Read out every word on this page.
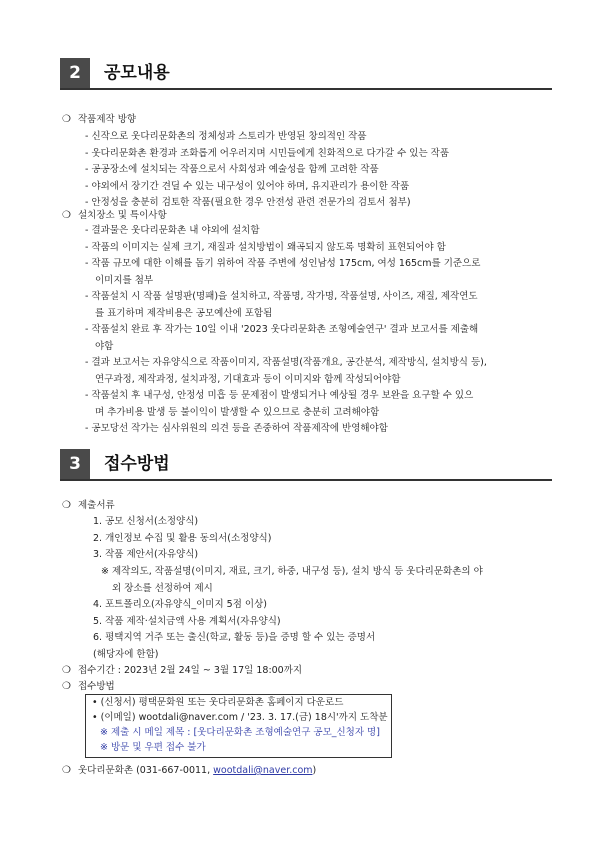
2	공모내용
❍ 작품제작 방향
- 신작으로 웃다리문화촌의 정체성과 스토리가 반영된 창의적인 작품
- 웃다리문화촌 환경과 조화롭게 어우러지며 시민들에게 친화적으로 다가갈 수 있는 작품
- 공공장소에 설치되는 작품으로서 사회성과 예술성을 함께 고려한 작품
- 야외에서 장기간 견딜 수 있는 내구성이 있어야 하며, 유지관리가 용이한 작품
- 안정성을 충분히 검토한 작품(필요한 경우 안전성 관련 전문가의 검토서 첨부)
❍ 설치장소 및 특이사항
- 결과물은 웃다리문화촌 내 야외에 설치함
- 작품의 이미지는 실제 크기, 재질과 설치방법이 왜곡되지 않도록 명확히 표현되어야 함
- 작품 규모에 대한 이해를 돕기 위하여 작품 주변에 성인남성 175cm, 여성 165cm를 기준으로
이미지를 첨부
- 작품설치 시 작품 설명판(명패)을 설치하고, 작품명, 작가명, 작품설명, 사이즈, 재질, 제작연도
를 표기하며 제작비용은 공모예산에 포함됨
- 작품설치 완료 후 작가는 10일 이내 '2023 웃다리문화촌 조형예술연구' 결과 보고서를 제출해
야함
- 결과 보고서는 자유양식으로 작품이미지, 작품설명(작품개요, 공간분석, 제작방식, 설치방식 등),
연구과정, 제작과정, 설치과정, 기대효과 등이 이미지와 함께 작성되어야함
- 작품설치 후 내구성, 안정성 미흡 등 문제점이 발생되거나 예상될 경우 보완을 요구할 수 있으
며 추가비용 발생 등 불이익이 발생할 수 있으므로 충분히 고려해야함
- 공모당선 작가는 심사위원의 의견 등을 존중하여 작품제작에 반영해야함
3	접수방법
❍ 제출서류
1. 공모 신청서(소정양식)
2. 개인정보 수집 및 활용 동의서(소정양식)
3. 작품 제안서(자유양식)
※ 제작의도, 작품설명(이미지, 재료, 크기, 하중, 내구성 등), 설치 방식 등 웃다리문화촌의 야
외 장소를 선정하여 제시
4. 포트폴리오(자유양식_이미지 5점 이상)
5. 작품 제작·설치금액 사용 계획서(자유양식)
6. 평택지역 거주 또는 출신(학교, 활동 등)을 증명 할 수 있는 증명서
(해당자에 한함)
❍ 접수기간 : 2023년 2월 24일 ~ 3월 17일 18:00까지
❍ 접수방법
• (신청서) 평택문화원 또는 웃다리문화촌 홈페이지 다운로드
• (이메일) wootdali@naver.com / '23. 3. 17.(금) 18시'까지 도착분
※ 제출 시 메일 제목 : [웃다리문화촌 조형예술연구 공모_신청자 명]
※ 방문 및 우편 접수 불가
❍ 웃다리문화촌 (031-667-0011, wootdali@naver.com)
